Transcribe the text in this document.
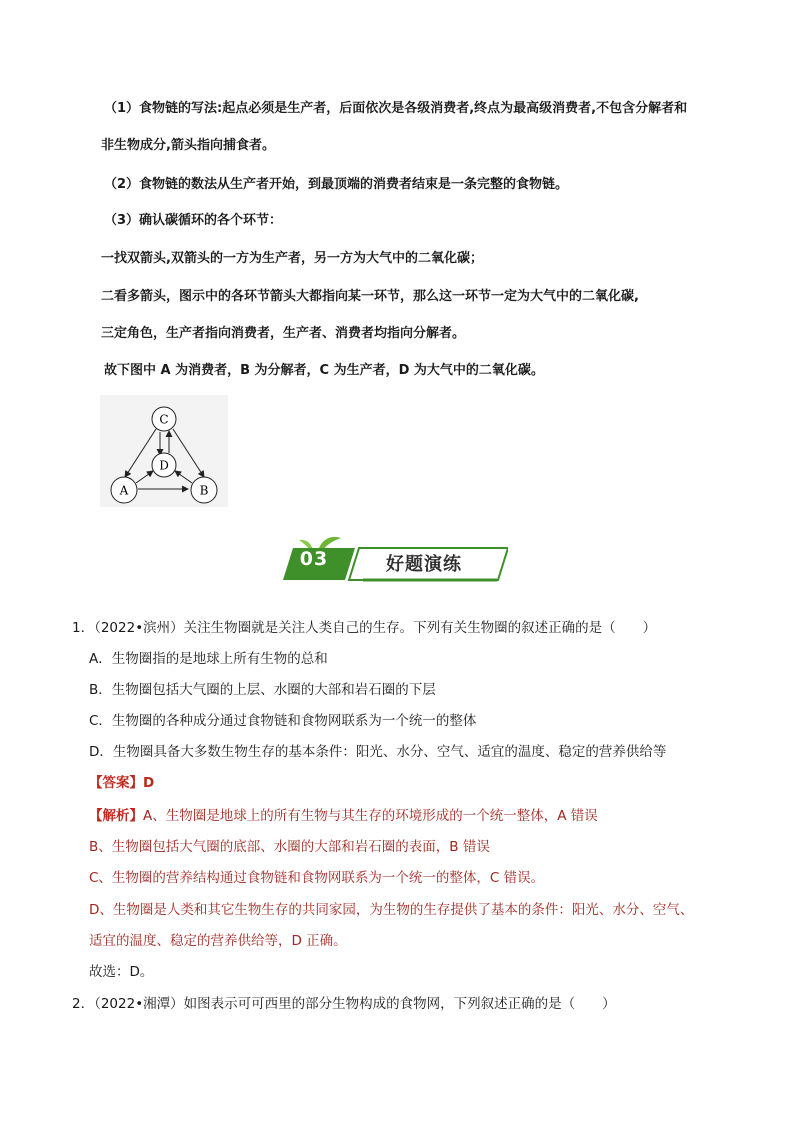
（1）食物链的写法:起点必须是生产者，后面依次是各级消费者,终点为最高级消费者,不包含分解者和
非生物成分,箭头指向捕食者。
（2）食物链的数法从生产者开始，到最顶端的消费者结束是一条完整的食物链。
（3）确认碳循环的各个环节：
一找双箭头,双箭头的一方为生产者，另一方为大气中的二氧化碳；
二看多箭头，图示中的各环节箭头大都指向某一环节，那么这一环节一定为大气中的二氧化碳,
三定角色，生产者指向消费者，生产者、消费者均指向分解者。
故下图中 A 为消费者，B 为分解者，C 为生产者，D 为大气中的二氧化碳。
C
D
A	B
03	好题演练
1．（2022•滨州）关注生物圈就是关注人类自己的生存。下列有关生物圈的叙述正确的是（　　）
A．生物圈指的是地球上所有生物的总和
B．生物圈包括大气圈的上层、水圈的大部和岩石圈的下层
C．生物圈的各种成分通过食物链和食物网联系为一个统一的整体
D．生物圈具备大多数生物生存的基本条件：阳光、水分、空气、适宜的温度、稳定的营养供给等
【答案】D
【解析】A、生物圈是地球上的所有生物与其生存的环境形成的一个统一整体，A 错误
B、生物圈包括大气圈的底部、水圈的大部和岩石圈的表面，B 错误
C、生物圈的营养结构通过食物链和食物网联系为一个统一的整体，C 错误。
D、生物圈是人类和其它生物生存的共同家园，为生物的生存提供了基本的条件：阳光、水分、空气、
适宜的温度、稳定的营养供给等，D 正确。
故选：D。
2．（2022•湘潭）如图表示可可西里的部分生物构成的食物网，下列叙述正确的是（　　）
